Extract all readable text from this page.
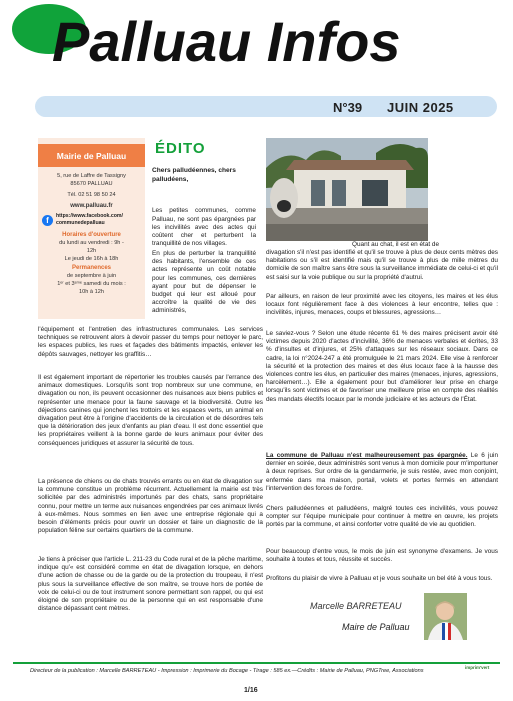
Palluau Infos
N°39 JUIN 2025
Mairie de Palluau
5, rue de Laffre de Tassigny
85670 PALLUAU
Tél. 02 51 98 50 24
www.palluau.fr
f	https://www.facebook.com/
communedepalluau
Horaires d'ouverture
du lundi au vendredi : 9h -
12h
Le jeudi de 16h à 18h
Permanences
de septembre à juin
1ᵉʳ et 3ᵉᵐᵉ samedi du mois :
10h à 12h
ÉDITO
Chers palludéennes, chers palludéens,

Les petites communes, comme Palluau, ne sont pas épargnées par les incivilités avec des actes qui coûtent cher et perturbent la tranquillité de nos villages.

En plus de perturber la tranquillité des habitants, l'ensemble de ces actes représente un coût notable pour les communes, ces dernières ayant pour but de dépenser le budget qui leur est alloué pour accroître la qualité de vie des administrés,

l'équipement et l'entretien des infrastructures communales. Les services techniques se retrouvent alors à devoir passer du temps pour nettoyer le parc, les espaces publics, les rues et façades des bâtiments impactés, enlever les dépôts sauvages, nettoyer les graffitis…

Il est également important de répertorier les troubles causés par l'errance des animaux domestiques. Lorsqu'ils sont trop nombreux sur une commune, en divagation ou non, ils peuvent occasionner des nuisances aux biens publics et représenter une menace pour la faune sauvage et la biodiversité. Outre les déjections canines qui jonchent les trottoirs et les espaces verts, un animal en divagation peut être à l'origine d'accidents de la circulation et de désordres tels que la détérioration des jeux d'enfants au plan d'eau. Il est donc essentiel que les propriétaires veillent à la bonne garde de leurs animaux pour éviter des conséquences juridiques et assurer la sécurité de tous.

La présence de chiens ou de chats trouvés errants ou en état de divagation sur la commune constitue un problème récurrent. Actuellement la mairie est très sollicitée par des administrés importunés par des chats, sans propriétaire connu, pour mettre un terme aux nuisances engendrées par ces animaux livrés à eux-mêmes. Nous sommes en lien avec une entreprise régionale qui a besoin d'éléments précis pour ouvrir un dossier et faire un diagnostic de la population féline sur certains quartiers de la commune.

Je tiens à préciser que l'article L. 211-23 du Code rural et de la pêche maritime, indique qu'« est considéré comme en état de divagation lorsque, en dehors d'une action de chasse ou de la garde ou de la protection du troupeau, il n'est plus sous la surveillance effective de son maître, se trouve hors de portée de voix de celui-ci ou de tout instrument sonore permettant son rappel, ou qui est éloigné de son propriétaire ou de la personne qui en est responsable d'une distance dépassant cent mètres.

Quant au chat, il est en état de

divagation s'il n'est pas identifié et qu'il se trouve à plus de deux cents mètres des habitations ou s'il est identifié mais qu'il se trouve à plus de mille mètres du domicile de son maître sans être sous la surveillance immédiate de celui-ci et qu'il est saisi sur la voie publique ou sur la propriété d'autrui.

Par ailleurs, en raison de leur proximité avec les citoyens, les maires et les élus locaux font régulièrement face à des violences à leur encontre, telles que : incivilités, injures, menaces, coups et blessures, agressions…

Le saviez-vous ? Selon une étude récente 61 % des maires précisent avoir été victimes depuis 2020 d'actes d'incivilité, 36% de menaces verbales et écrites, 33 % d'insultes et d'injures, et 25% d'attaques sur les réseaux sociaux. Dans ce cadre, la loi n°2024-247 a été promulguée le 21 mars 2024. Elle vise à renforcer la sécurité et la protection des maires et des élus locaux face à la hausse des violences contre les élus, en particulier des maires (menaces, injures, agressions, harcèlement…). Elle a également pour but d'améliorer leur prise en charge lorsqu'ils sont victimes et de favoriser une meilleure prise en compte des réalités des mandats électifs locaux par le monde judiciaire et les acteurs de l'État.

La commune de Palluau n'est malheureusement pas épargnée. Le 6 juin dernier en soirée, deux administrés sont venus à mon domicile pour m'importuner à deux reprises. Sur ordre de la gendarmerie, je suis restée, avec mon conjoint, enfermée dans ma maison, portail, volets et portes fermés en attendant l'intervention des forces de l'ordre.

Chers palludéennes et palludéens, malgré toutes ces incivilités, vous pouvez compter sur l'équipe municipale pour continuer à mettre en œuvre, les projets portés par la commune, et ainsi conforter votre qualité de vie au quotidien.

Pour beaucoup d'entre vous, le mois de juin est synonyme d'examens. Je vous souhaite à toutes et tous, réussite et succès.

Profitons du plaisir de vivre à Palluau et je vous souhaite un bel été à vous tous.

Marcelle BARRETEAU
Maire de Palluau
Directeur de la publication : Marcelle BARRETEAU - Impression : Imprimerie du Bocage - Tirage : 585 ex.—Crédits : Mairie de Palluau, PNGTree, Associations
imprim'vert
1/16
